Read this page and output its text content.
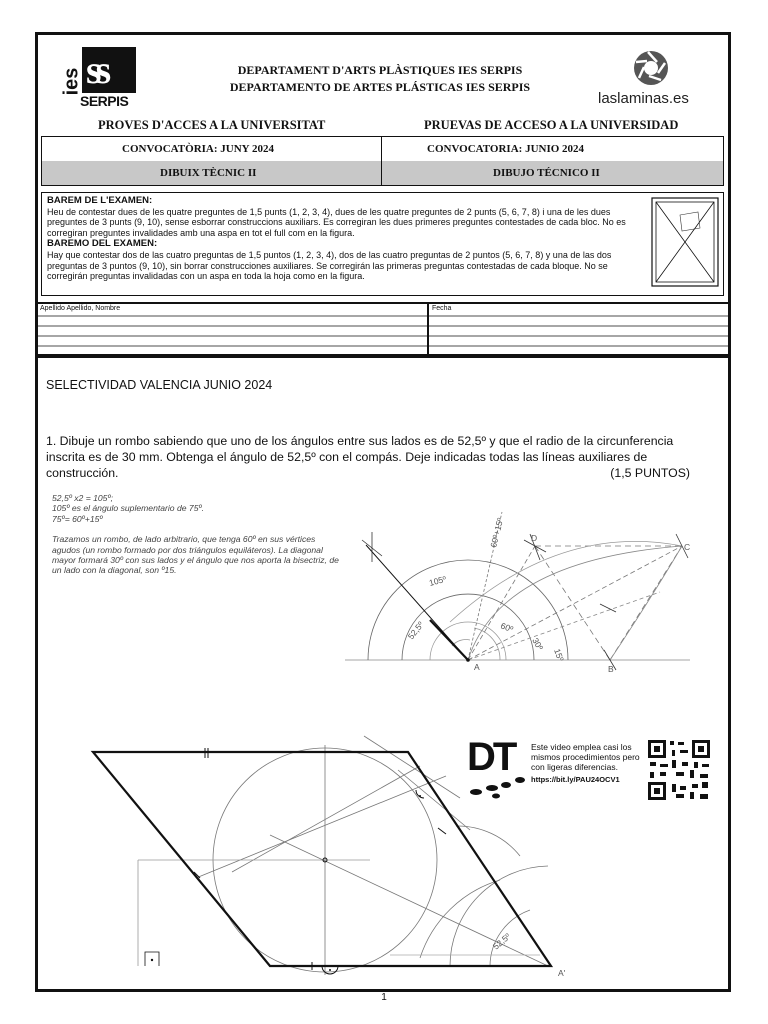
ies ss
SERPIS
DEPARTAMENT D'ARTS PLÀSTIQUES IES SERPIS
DEPARTAMENTO DE ARTES PLÁSTICAS IES SERPIS
laslaminas.es
PROVES D'ACCES A LA UNIVERSITAT	PRUEVAS DE ACCESO A LA UNIVERSIDAD
CONVOCATÒRIA: JUNY 2024	CONVOCATORIA: JUNIO 2024
DIBUIX TÈCNIC II	DIBUJO TÉCNICO II
BAREM DE L'EXAMEN:
Heu de contestar dues de les quatre preguntes de 1,5 punts (1, 2, 3, 4), dues de les quatre preguntes de 2 punts (5, 6, 7, 8) i una de les dues preguntes de 3 punts (9, 10), sense esborrar construccions auxiliars. Es corregiran les dues primeres preguntes contestades de cada bloc. No es corregiran preguntes invalidades amb una aspa en tot el full com en la figura.
BAREMO DEL EXAMEN:
Hay que contestar dos de las cuatro preguntas de 1,5 puntos (1, 2, 3, 4), dos de las cuatro preguntas de 2 puntos (5, 6, 7, 8) y una de las dos preguntas de 3 puntos (9, 10), sin borrar construcciones auxiliares. Se corregirán las primeras preguntas contestadas de cada bloque. No se corregirán preguntas invalidadas con un aspa en toda la hoja como en la figura.
Apellido Apellido, Nombre	Fecha
SELECTIVIDAD VALENCIA JUNIO 2024
1. Dibuje un rombo sabiendo que uno de los ángulos entre sus lados es de 52,5º y que el radio de la circunferencia inscrita es de 30 mm. Obtenga el ángulo de 52,5º con el compás. Deje indicadas todas las líneas auxiliares de construcción.	(1,5 PUNTOS)
52,5º x2 = 105º;
105º es el ángulo suplementario de 75º.
75º= 60º+15º
Trazamos un rombo, de lado arbitrario, que tenga 60º en sus vértices agudos (un rombo formado por dos triángulos equiláteros). La diagonal mayor formará 30º con sus lados y el ángulo que nos aporta la bisectriz, de un lado con la diagonal, son º15.
A	B
C
D
105º
52,5º	60º
30º
15º
60º+15º
A'
52,5º
DT Este video emplea casi los mismos procedimientos pero con ligeras diferencias.
https://bit.ly/PAU24OCV1
1
